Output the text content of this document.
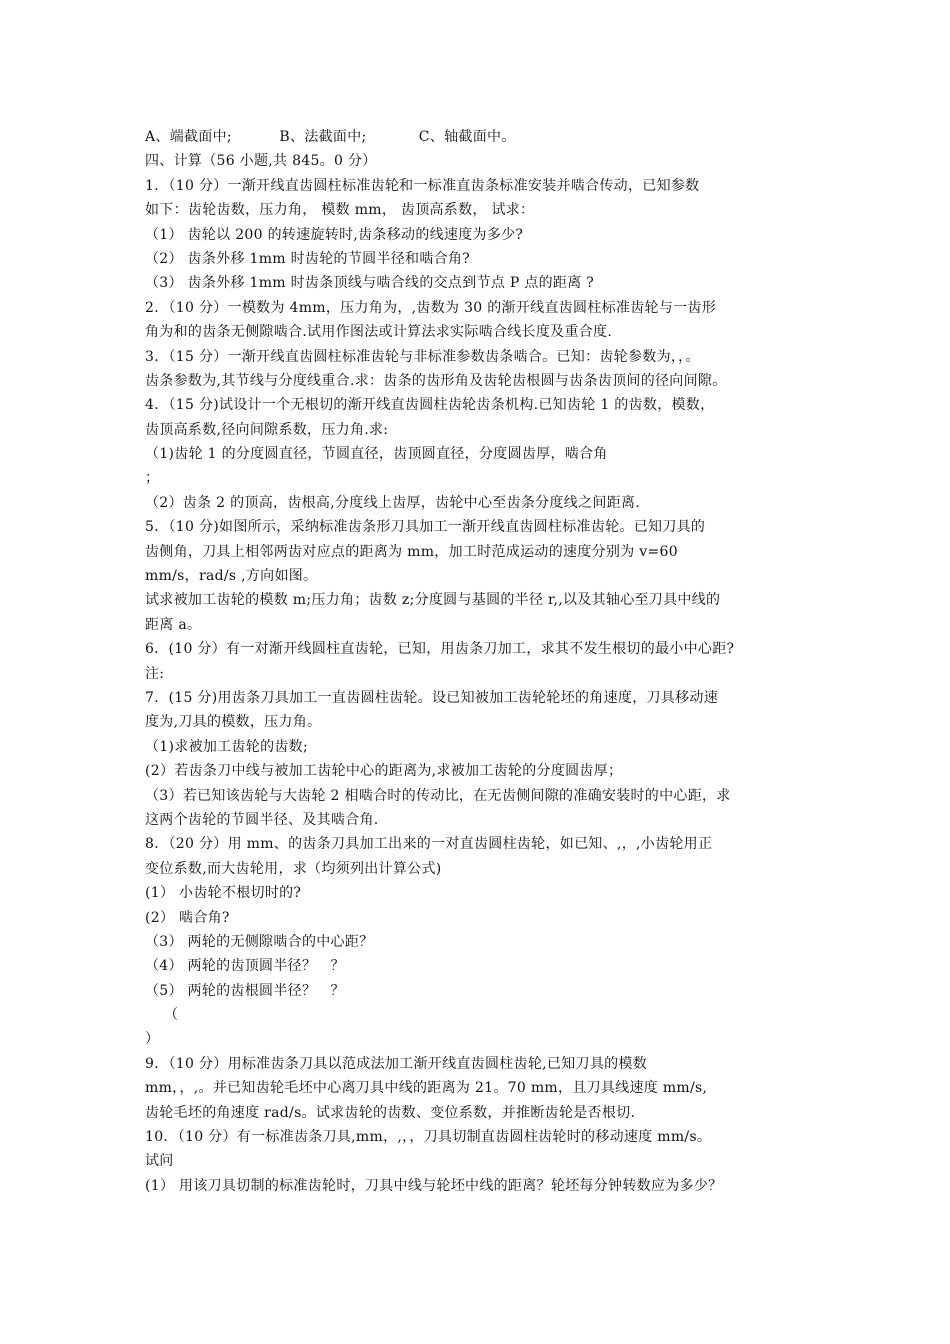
A、端截面中;          B、法截面中;           C、轴截面中。
四、计算（56 小题,共 845。0 分）
1．（10 分）一渐开线直齿圆柱标准齿轮和一标准直齿条标准安装并啮合传动，已知参数
如下：齿轮齿数，压力角， 模数 mm， 齿顶高系数， 试求：
（1） 齿轮以 200 的转速旋转时,齿条移动的线速度为多少?
（2） 齿条外移 1mm 时齿轮的节圆半径和啮合角?
（3） 齿条外移 1mm 时齿条顶线与啮合线的交点到节点 P 点的距离 ?
2．（10 分）一模数为 4mm，压力角为，,齿数为 30 的渐开线直齿圆柱标准齿轮与一齿形
角为和的齿条无侧隙啮合.试用作图法或计算法求实际啮合线长度及重合度.
3．（15 分）一渐开线直齿圆柱标准齿轮与非标准参数齿条啮合。已知：齿轮参数为，，。
齿条参数为,其节线与分度线重合.求：齿条的齿形角及齿轮齿根圆与齿条齿顶间的径向间隙。
4．（15 分)试设计一个无根切的渐开线直齿圆柱齿轮齿条机构.已知齿轮 1 的齿数，模数，
齿顶高系数,径向间隙系数，压力角.求:
（1)齿轮 1 的分度圆直径，节圆直径，齿顶圆直径，分度圆齿厚，啮合角
；
（2）齿条 2 的顶高，齿根高,分度线上齿厚，齿轮中心至齿条分度线之间距离.
5．（10 分)如图所示，采纳标准齿条形刀具加工一渐开线直齿圆柱标准齿轮。已知刀具的
齿侧角，刀具上相邻两齿对应点的距离为 mm，加工时范成运动的速度分别为 v=60
mm/s，rad/s ,方向如图。
试求被加工齿轮的模数 m;压力角；齿数 z;分度圆与基圆的半径 r,,以及其轴心至刀具中线的
距离 a。
6．(10 分）有一对渐开线圆柱直齿轮，已知，用齿条刀加工，求其不发生根切的最小中心距?
注:
7．(15 分)用齿条刀具加工一直齿圆柱齿轮。设已知被加工齿轮轮坯的角速度，刀具移动速
度为,刀具的模数，压力角。
（1)求被加工齿轮的齿数;
(2）若齿条刀中线与被加工齿轮中心的距离为,求被加工齿轮的分度圆齿厚；
（3）若已知该齿轮与大齿轮 2 相啮合时的传动比，在无齿侧间隙的准确安装时的中心距，求
这两个齿轮的节圆半径、及其啮合角.
8．（20 分）用 mm、的齿条刀具加工出来的一对直齿圆柱齿轮，如已知、,，,小齿轮用正
变位系数,而大齿轮用，求（均须列出计算公式)
(1） 小齿轮不根切时的?
(2） 啮合角?
（3） 两轮的无侧隙啮合的中心距？
（4） 两轮的齿顶圆半径？   ？
（5） 两轮的齿根圆半径？   ？
（
）
9．（10 分）用标准齿条刀具以范成法加工渐开线直齿圆柱齿轮,已知刀具的模数
mm，，,。并已知齿轮毛坯中心离刀具中线的距离为 21。70 mm，且刀具线速度 mm/s,
齿轮毛坯的角速度 rad/s。试求齿轮的齿数、变位系数，并推断齿轮是否根切.
10．（10 分）有一标准齿条刀具,mm，,，，刀具切制直齿圆柱齿轮时的移动速度 mm/s。
试问
(1） 用该刀具切制的标准齿轮时，刀具中线与轮坯中线的距离？轮坯每分钟转数应为多少？
